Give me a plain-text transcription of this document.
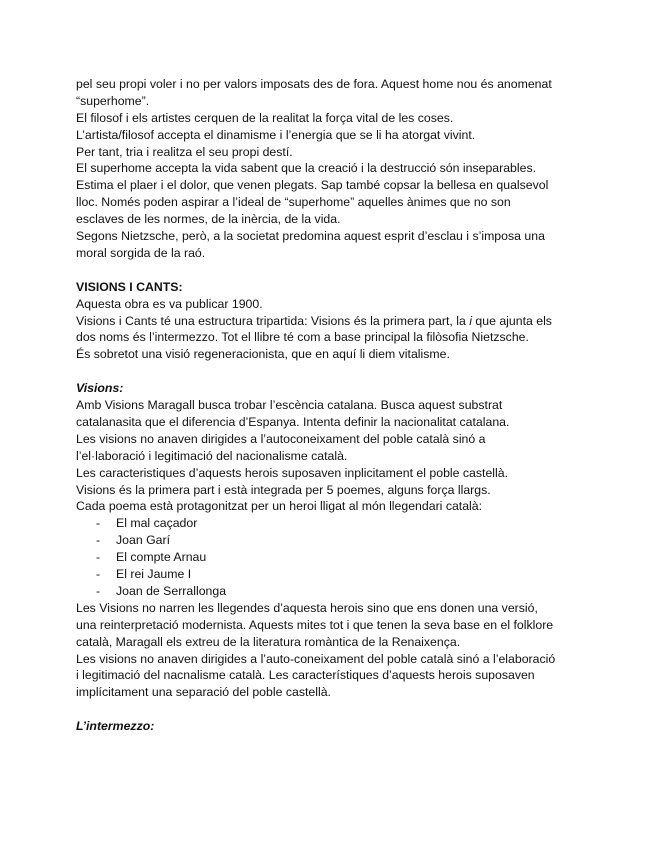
pel seu propi voler i no per valors imposats des de fora. Aquest home nou és anomenat
“superhome”.
El filosof i els artistes cerquen de la realitat la força vital de les coses.
L’artista/filosof accepta el dinamisme i l’energia que se li ha atorgat vivint.
Per tant, tria i realitza el seu propi destí.
El superhome accepta la vida sabent que la creació i la destrucció són inseparables.
Estima el plaer i el dolor, que venen plegats. Sap també copsar la bellesa en qualsevol
lloc. Només poden aspirar a l’ideal de “superhome” aquelles ànimes que no son
esclaves de les normes, de la inèrcia, de la vida.
Segons Nietzsche, però, a la societat predomina aquest esprit d’esclau i s’imposa una
moral sorgida de la raó.
VISIONS I CANTS:
Aquesta obra es va publicar 1900.
Visions i Cants té una estructura tripartida: Visions és la primera part, la i que ajunta els
dos noms és l’intermezzo. Tot el llibre té com a base principal la filòsofia Nietzsche.
És sobretot una visió regeneracionista, que en aquí li diem vitalisme.
Visions:
Amb Visions Maragall busca trobar l’escència catalana. Busca aquest substrat
catalanasita que el diferencia d’Espanya. Intenta definir la nacionalitat catalana.
Les visions no anaven dirigides a l’autoconeixament del poble català sinó a
l’el·laboració i legitimació del nacionalisme català.
Les caracteristiques d’aquests herois suposaven inplicitament el poble castellà.
Visions és la primera part i està integrada per 5 poemes, alguns força llargs.
Cada poema està protagonitzat per un heroi lligat al món llegendari català:
- El mal caçador
- Joan Garí
- El compte Arnau
- El rei Jaume I
- Joan de Serrallonga
Les Visions no narren les llegendes d’aquesta herois sino que ens donen una versió,
una reinterpretació modernista. Aquests mites tot i que tenen la seva base en el folklore
català, Maragall els extreu de la literatura romàntica de la Renaixença.
Les visions no anaven dirigides a l’auto-coneixament del poble català sinó a l’elaboració
i legitimació del nacnalisme català. Les característiques d’aquests herois suposaven
implícitament una separació del poble castellà.
L’intermezzo:
